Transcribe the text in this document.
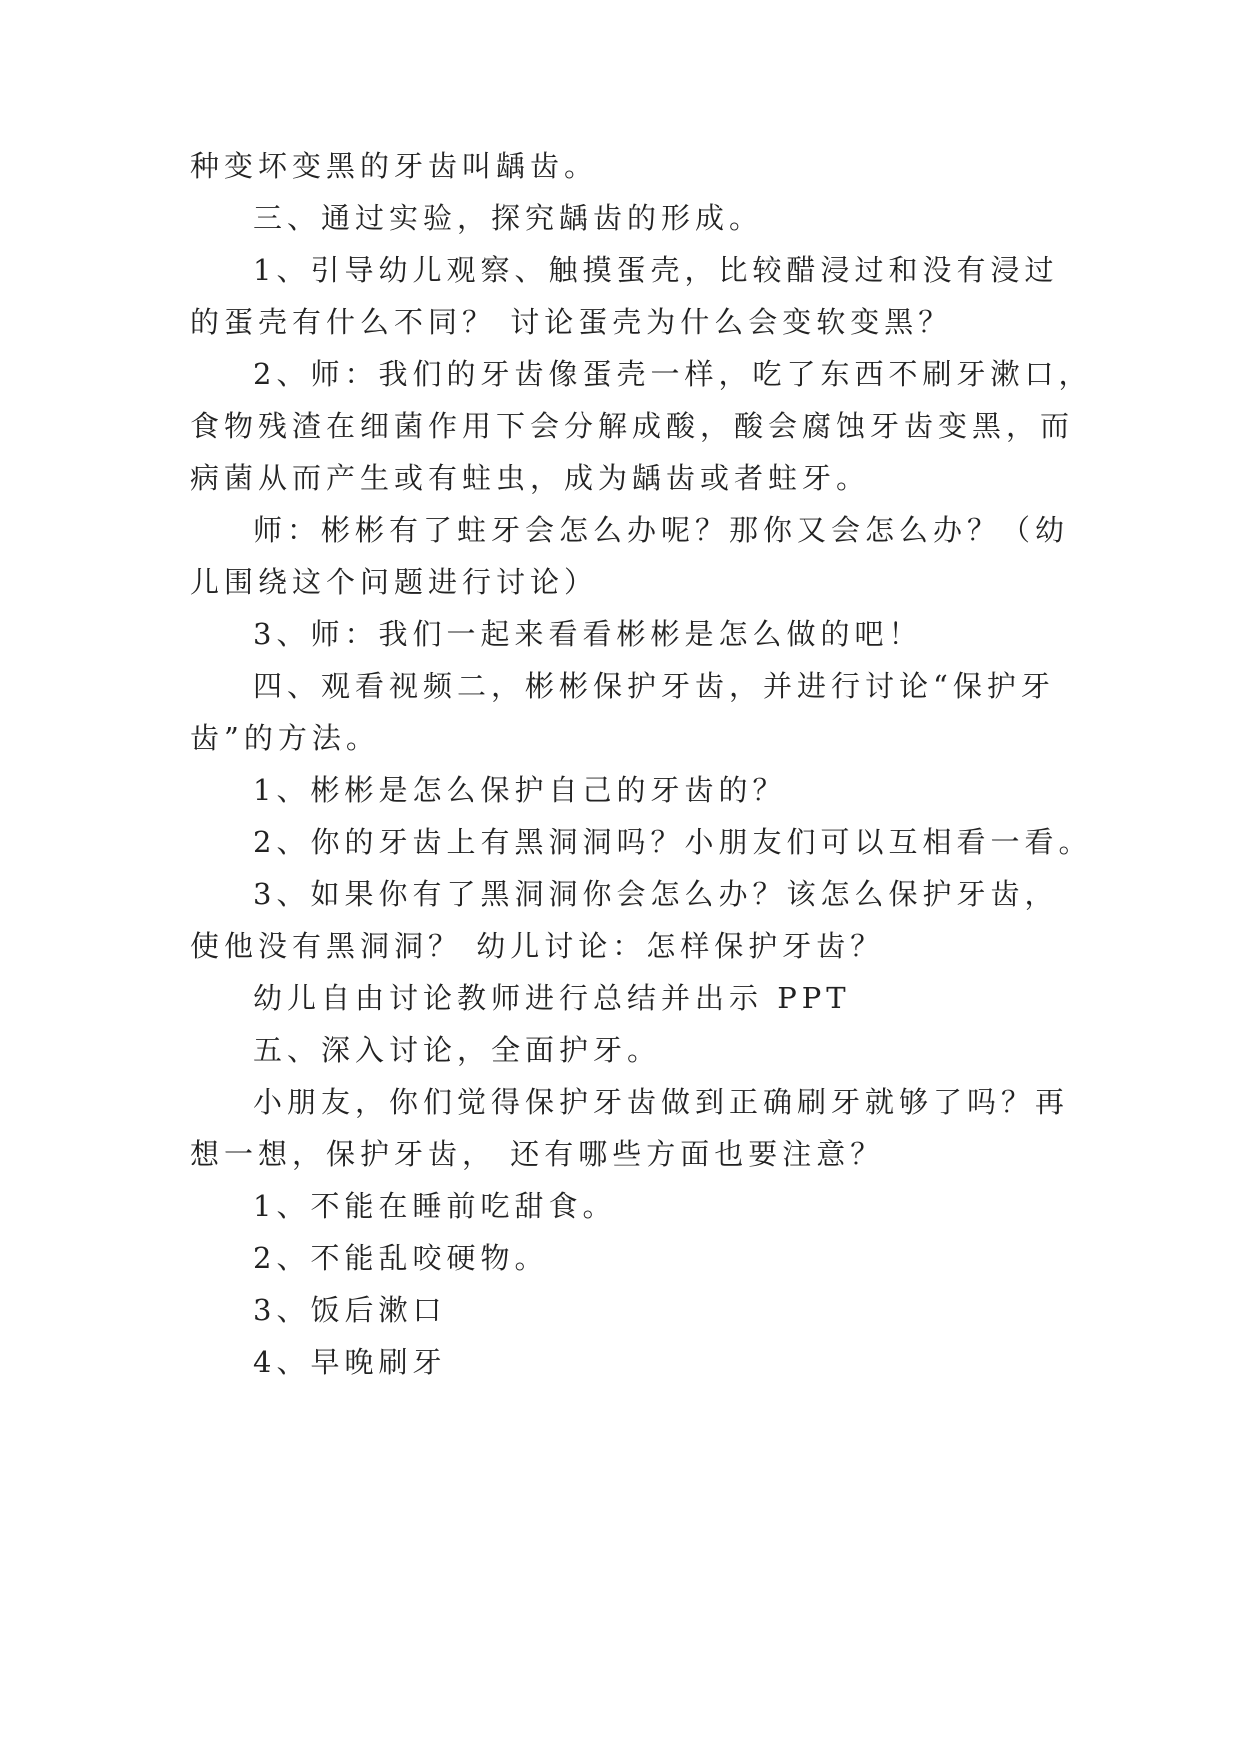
种变坏变黑的牙齿叫龋齿。
三、通过实验，探究龋齿的形成。
1、引导幼儿观察、触摸蛋壳，比较醋浸过和没有浸过
的蛋壳有什么不同？ 讨论蛋壳为什么会变软变黑？
2、师：我们的牙齿像蛋壳一样，吃了东西不刷牙漱口，
食物残渣在细菌作用下会分解成酸，酸会腐蚀牙齿变黑，而
病菌从而产生或有蛀虫，成为龋齿或者蛀牙。
师：彬彬有了蛀牙会怎么办呢？那你又会怎么办？（幼
儿围绕这个问题进行讨论）
3、师：我们一起来看看彬彬是怎么做的吧！
四、观看视频二，彬彬保护牙齿，并进行讨论“保护牙
齿”的方法。
1、彬彬是怎么保护自己的牙齿的？
2、你的牙齿上有黑洞洞吗？小朋友们可以互相看一看。
3、如果你有了黑洞洞你会怎么办？该怎么保护牙齿，
使他没有黑洞洞？ 幼儿讨论：怎样保护牙齿？
幼儿自由讨论教师进行总结并出示 PPT
五、深入讨论，全面护牙。
小朋友，你们觉得保护牙齿做到正确刷牙就够了吗？再
想一想，保护牙齿， 还有哪些方面也要注意？
1、不能在睡前吃甜食。
2、不能乱咬硬物。
3、饭后漱口
4、早晚刷牙
